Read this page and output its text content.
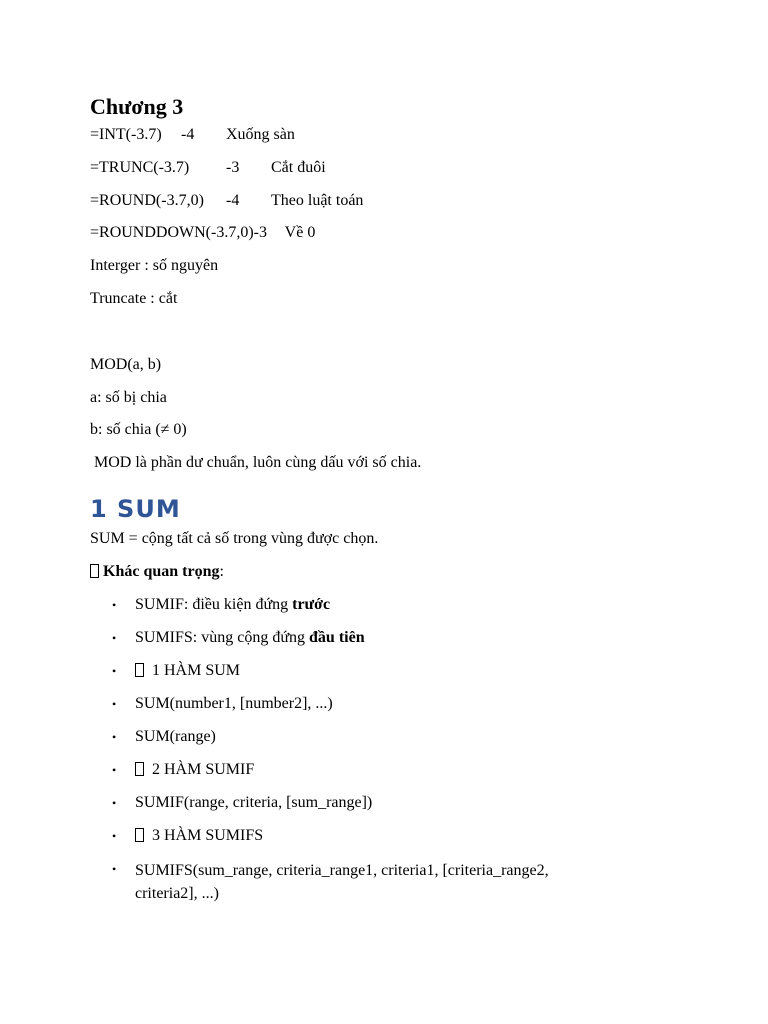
Chương 3
=INT(-3.7) -4 Xuống sàn
=TRUNC(-3.7) -3 Cắt đuôi
=ROUND(-3.7,0) -4 Theo luật toán
=ROUNDDOWN(-3.7,0)-3 Về 0
Interger : số nguyên
Truncate : cắt
MOD(a, b)
a: số bị chia
b: số chia (≠ 0)
MOD là phần dư chuẩn, luôn cùng dấu với số chia.
1 SUM
SUM = cộng tất cả số trong vùng được chọn.
Khác quan trọng:
• SUMIF: điều kiện đứng trước
• SUMIFS: vùng cộng đứng đầu tiên
• 1 HÀM SUM
• SUM(number1, [number2], ...)
• SUM(range)
• 2 HÀM SUMIF
• SUMIF(range, criteria, [sum_range])
• 3 HÀM SUMIFS
• SUMIFS(sum_range, criteria_range1, criteria1, [criteria_range2, criteria2], ...)
